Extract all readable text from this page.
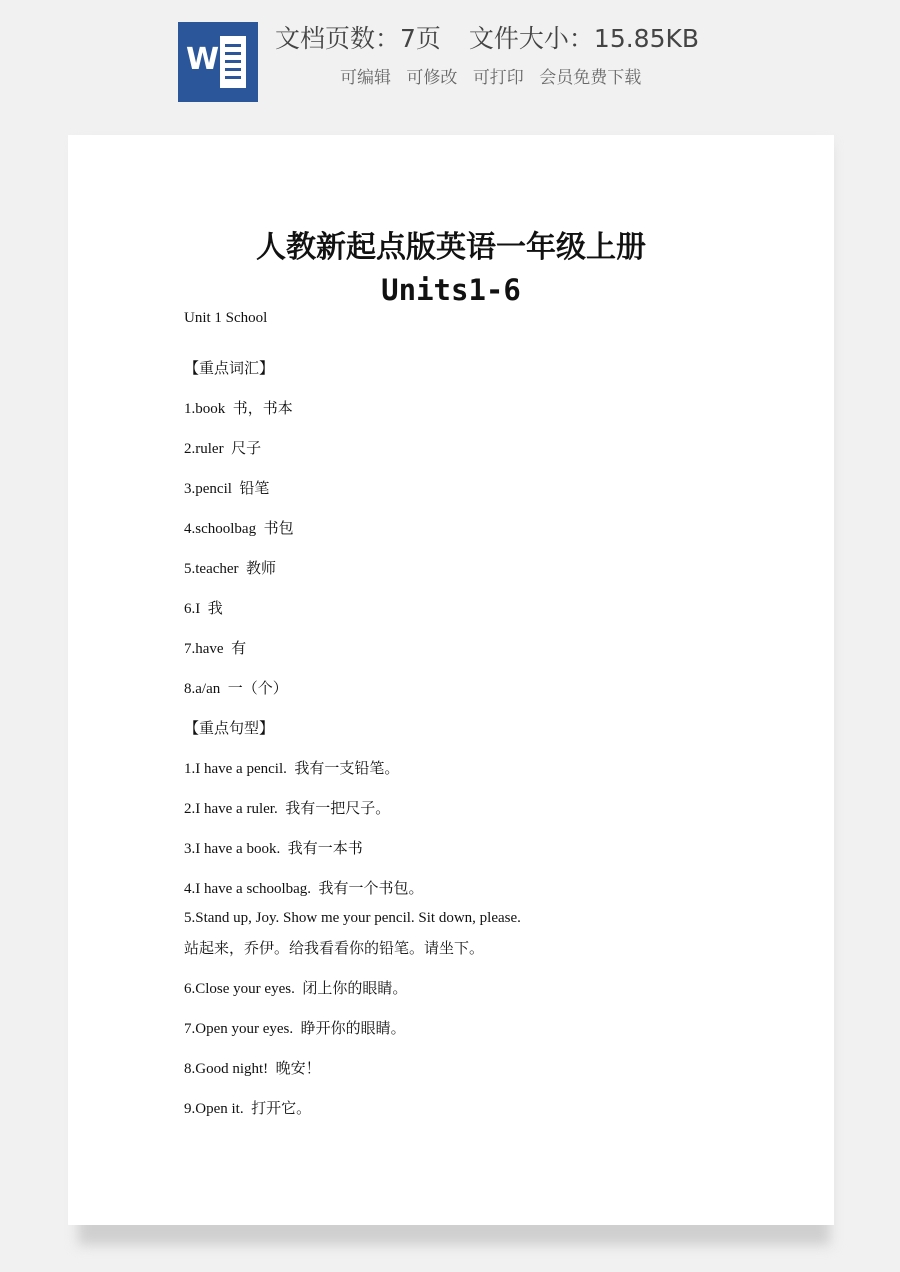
W
文档页数：7页 文件大小：15.85KB
可编辑 可修改 可打印 会员免费下载
人教新起点版英语一年级上册
Units1-6
Unit 1 School
【重点词汇】
1.book 书，书本
2.ruler 尺子
3.pencil 铅笔
4.schoolbag 书包
5.teacher 教师
6.I 我
7.have 有
8.a/an 一（个）
【重点句型】
1.I have a pencil. 我有一支铅笔。
2.I have a ruler. 我有一把尺子。
3.I have a book. 我有一本书
4.I have a schoolbag. 我有一个书包。
5.Stand up, Joy. Show me your pencil. Sit down, please.
站起来，乔伊。给我看看你的铅笔。请坐下。
6.Close your eyes. 闭上你的眼睛。
7.Open your eyes. 睁开你的眼睛。
8.Good night! 晚安！
9.Open it. 打开它。
